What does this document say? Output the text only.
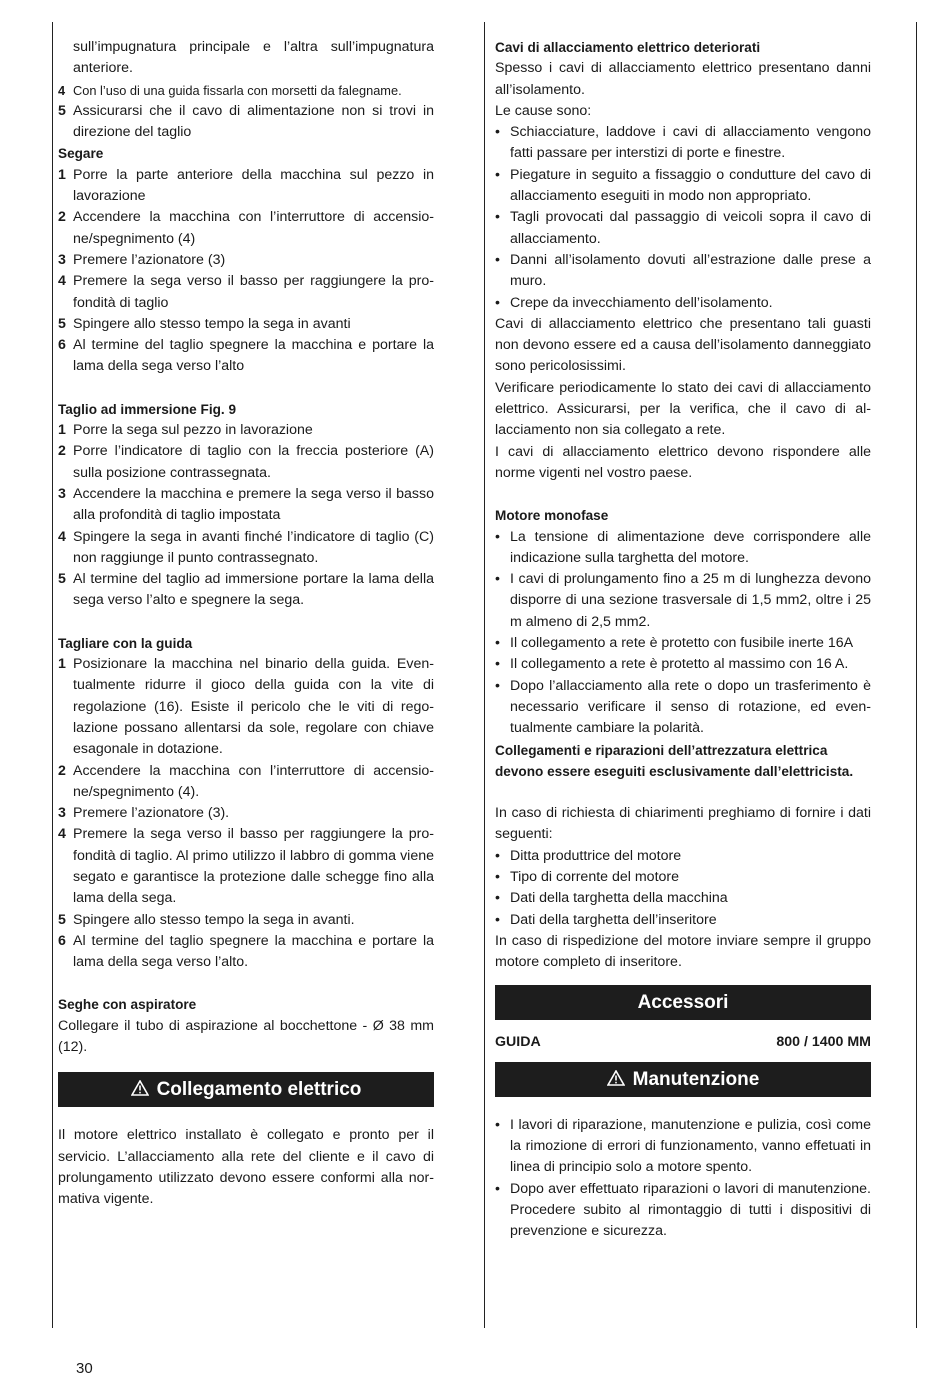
sull’impugnatura principale e l’altra sull’impugnatura anteriore.
4 Con l’uso di una guida fissarla con morsetti da falegname.
5 Assicurarsi che il cavo di alimentazione non si trovi in direzione del taglio

Segare

1 Porre la parte anteriore della macchina sul pezzo in lavorazione
2 Accendere la macchina con l’interruttore di accensione/spegnimento (4)
3 Premere l’azionatore (3)
4 Premere la sega verso il basso per raggiungere la profondità di taglio
5 Spingere allo stesso tempo la sega in avanti
6 Al termine del taglio spegnere la macchina e portare la lama della sega verso l’alto

Taglio ad immersione Fig. 9

1 Porre la sega sul pezzo in lavorazione
2 Porre l’indicatore di taglio con la freccia posteriore (A) sulla posizione contrassegnata.
3 Accendere la macchina e premere la sega verso il basso alla profondità di taglio impostata
4 Spingere la sega in avanti finché l’indicatore di taglio (C) non raggiunge il punto contrassegnato.
5 Al termine del taglio ad immersione portare la lama della sega verso l’alto e spegnere la sega.

Tagliare con la guida

1 Posizionare la macchina nel binario della guida. Eventualmente ridurre il gioco della guida con la vite di regolazione (16). Esiste il pericolo che le viti di regolazione possano allentarsi da sole, regolare con chiave esagonale in dotazione.
2 Accendere la macchina con l’interruttore di accensione/spegnimento (4).
3 Premere l’azionatore (3).
4 Premere la sega verso il basso per raggiungere la profondità di taglio. Al primo utilizzo il labbro di gomma viene segato e garantisce la protezione dalle schegge fino alla lama della sega.
5 Spingere allo stesso tempo la sega in avanti.
6 Al termine del taglio spegnere la macchina e portare la lama della sega verso l’alto.

Seghe con aspiratore

Collegare il tubo di aspirazione al bocchettone - Ø 38 mm (12).

Collegamento elettrico

Il motore elettrico installato è collegato e pronto per il servicio. L’allacciamento alla rete del cliente e il cavo di prolungamento utilizzato devono essere conformi alla normativa vigente.

Cavi di allacciamento elettrico deteriorati

Spesso i cavi di allacciamento elettrico presentano danni all’isolamento.

Le cause sono:

• Schiacciature, laddove i cavi di allacciamento vengono fatti passare per interstizi di porte e finestre.
• Piegature in seguito a fissaggio o condutture del cavo di allacciamento eseguiti in modo non appropriato.
• Tagli provocati dal passaggio di veicoli sopra il cavo di allacciamento.
• Danni all’isolamento dovuti all’estrazione dalle prese a muro.
• Crepe da invecchiamento dell’isolamento.

Cavi di allacciamento elettrico che presentano tali guasti non devono essere ed a causa dell’isolamento danneggiato sono pericolosissimi.

Verificare periodicamente lo stato dei cavi di allacciamento elettrico. Assicurarsi, per la verifica, che il cavo di allacciamento non sia collegato a rete.

I cavi di allacciamento elettrico devono rispondere alle norme vigenti nel vostro paese.

Motore monofase

• La tensione di alimentazione deve corrispondere alle indicazione sulla targhetta del motore.
• I cavi di prolungamento fino a 25 m di lunghezza devono disporre di una sezione trasversale di 1,5 mm2, oltre i 25 m almeno di 2,5 mm2.
• Il collegamento a rete è protetto con fusibile inerte 16A
• Il collegamento a rete è protetto al massimo con 16 A.
• Dopo l’allacciamento alla rete o dopo un trasferimento è necessario verificare il senso di rotazione, ed eventualmente cambiare la polarità.

Collegamenti e riparazioni dell’attrezzatura elettrica devono essere eseguiti esclusivamente dall’elettricista.

In caso di richiesta di chiarimenti preghiamo di fornire i dati seguenti:

• Ditta produttrice del motore
• Tipo di corrente del motore
• Dati della targhetta della macchina
• Dati della targhetta dell’inseritore

In caso di rispedizione del motore inviare sempre il gruppo motore completo di inseritore.

Accessori
GUIDA	800 / 1400 MM
Manutenzione
• I lavori di riparazione, manutenzione e pulizia, così come la rimozione di errori di funzionamento, vanno effetuati in linea di principio solo a motore spento.
• Dopo aver effettuato riparazioni o lavori di manutenzione. Procedere subito al rimontaggio di tutti i dispositivi di prevenzione e sicurezza.
30
